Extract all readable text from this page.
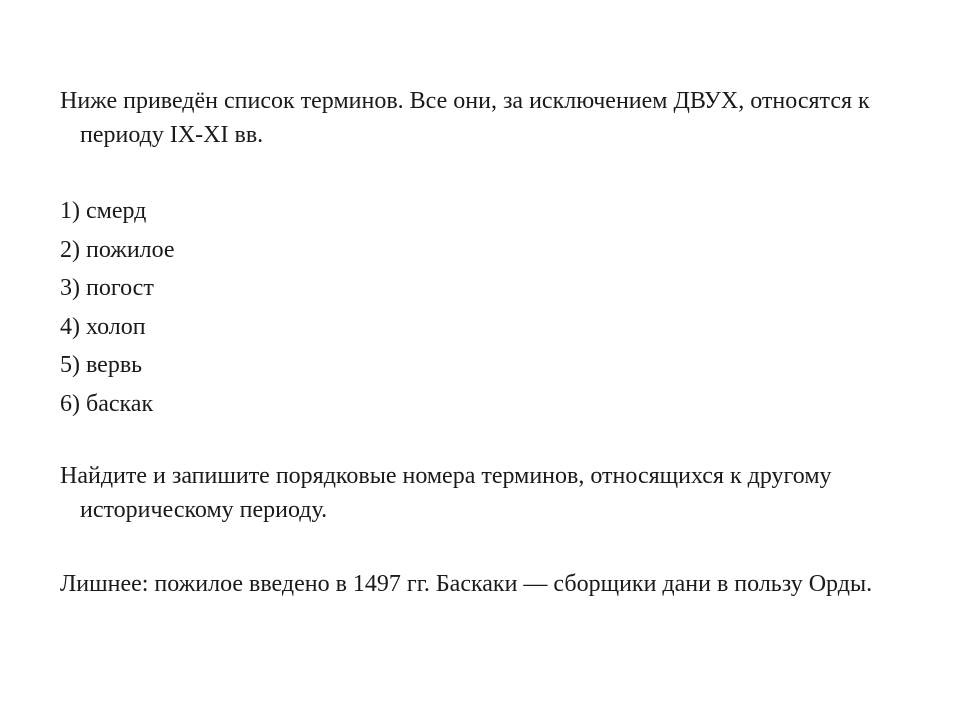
Ниже приведён список терминов. Все они, за исключением ДВУХ, относятся к периоду IX-XI вв.

1) смерд
2) пожилое
3) погост
4) холоп
5) вервь
6) баскак

Найдите и запишите порядковые номера терминов, относящихся к другому историческому периоду.

Лишнее: пожилое введено в 1497 гг. Баскаки — сборщики дани в пользу Орды.
